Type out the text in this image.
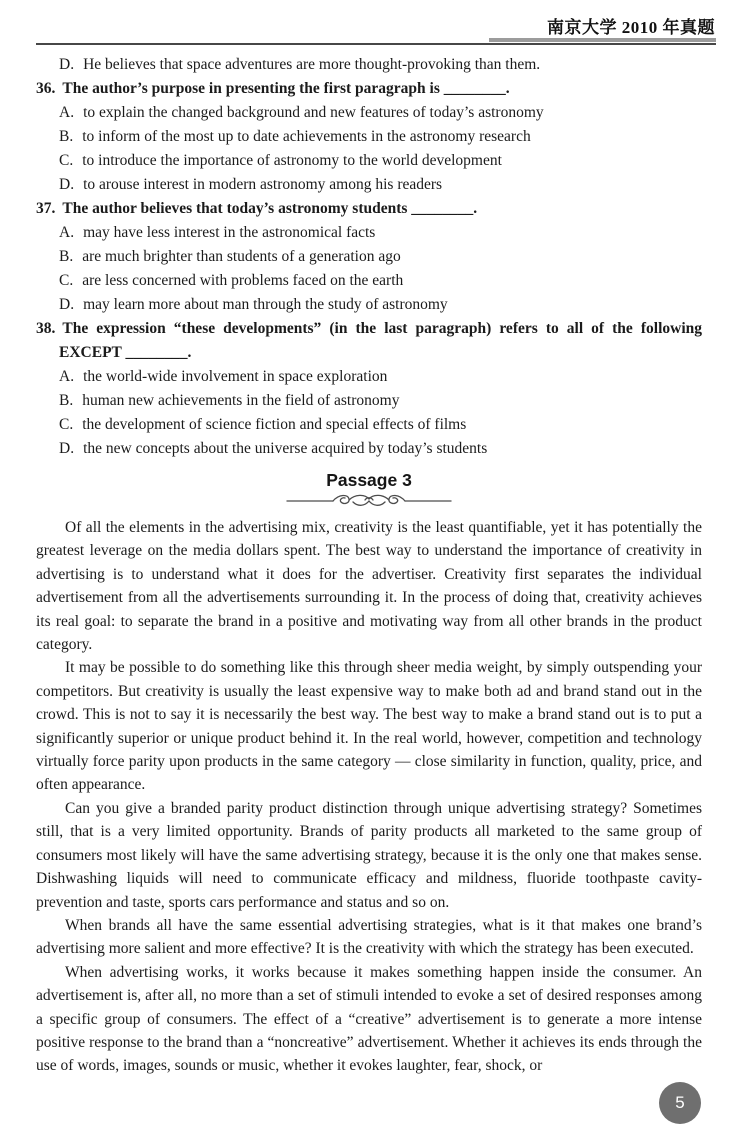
南京大学 2010 年真题
D. He believes that space adventures are more thought-provoking than them.
36. The author’s purpose in presenting the first paragraph is ________.
A. to explain the changed background and new features of today’s astronomy
B. to inform of the most up to date achievements in the astronomy research
C. to introduce the importance of astronomy to the world development
D. to arouse interest in modern astronomy among his readers
37. The author believes that today’s astronomy students ________.
A. may have less interest in the astronomical facts
B. are much brighter than students of a generation ago
C. are less concerned with problems faced on the earth
D. may learn more about man through the study of astronomy
38. The expression “these developments” (in the last paragraph) refers to all of the following EXCEPT ________.
A. the world-wide involvement in space exploration
B. human new achievements in the field of astronomy
C. the development of science fiction and special effects of films
D. the new concepts about the universe acquired by today’s students
Passage 3

Of all the elements in the advertising mix, creativity is the least quantifiable, yet it has potentially the greatest leverage on the media dollars spent. The best way to understand the importance of creativity in advertising is to understand what it does for the advertiser. Creativity first separates the individual advertisement from all the advertisements surrounding it. In the process of doing that, creativity achieves its real goal: to separate the brand in a positive and motivating way from all other brands in the product category.

It may be possible to do something like this through sheer media weight, by simply outspending your competitors. But creativity is usually the least expensive way to make both ad and brand stand out in the crowd. This is not to say it is necessarily the best way. The best way to make a brand stand out is to put a significantly superior or unique product behind it. In the real world, however, competition and technology virtually force parity upon products in the same category — close similarity in function, quality, price, and often appearance.

Can you give a branded parity product distinction through unique advertising strategy? Sometimes still, that is a very limited opportunity. Brands of parity products all marketed to the same group of consumers most likely will have the same advertising strategy, because it is the only one that makes sense. Dishwashing liquids will need to communicate efficacy and mildness, fluoride toothpaste cavity-prevention and taste, sports cars performance and status and so on.

When brands all have the same essential advertising strategies, what is it that makes one brand’s advertising more salient and more effective? It is the creativity with which the strategy has been executed.

When advertising works, it works because it makes something happen inside the consumer. An advertisement is, after all, no more than a set of stimuli intended to evoke a set of desired responses among a specific group of consumers. The effect of a “creative” advertisement is to generate a more intense positive response to the brand than a “noncreative” advertisement. Whether it achieves its ends through the use of words, images, sounds or music, whether it evokes laughter, fear, shock, or

5
